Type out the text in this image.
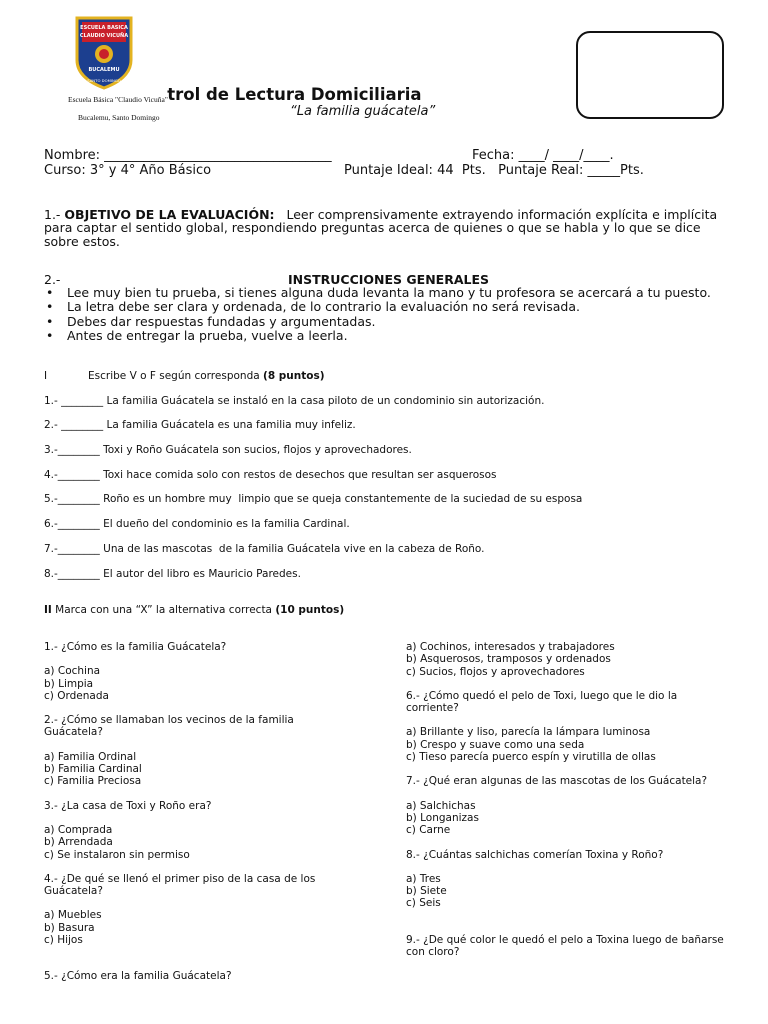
ESCUELA BASICA
CLAUDIO VICUÑA
BUCALEMU
SANTO DOMINGO
Escuela Básica "Claudio Vicuña"
Bucalemu, Santo Domingo
trol de Lectura Domiciliaria
“La familia guácatela”
Nombre: ___________________________________	Fecha: ____/ ____/____.
Curso: 3° y 4° Año Básico	Puntaje Ideal: 44  Pts.   Puntaje Real: _____Pts.
1.- OBJETIVO DE LA EVALUACIÓN: Leer comprensivamente extrayendo información explícita e implícita para captar el sentido global, respondiendo preguntas acerca de quienes o que se habla y lo que se dice sobre estos.
2.-	INSTRUCCIONES GENERALES
• Lee muy bien tu prueba, si tienes alguna duda levanta la mano y tu profesora se acercará a tu puesto.
• La letra debe ser clara y ordenada, de lo contrario la evaluación no será revisada.
• Debes dar respuestas fundadas y argumentadas.
• Antes de entregar la prueba, vuelve a leerla.
I	Escribe V o F según corresponda (8 puntos)
1.- ________ La familia Guácatela se instaló en la casa piloto de un condominio sin autorización.
2.- ________ La familia Guácatela es una familia muy infeliz.
3.-________ Toxi y Roño Guácatela son sucios, flojos y aprovechadores.
4.-________ Toxi hace comida solo con restos de desechos que resultan ser asquerosos
5.-________ Roño es un hombre muy  limpio que se queja constantemente de la suciedad de su esposa
6.-________ El dueño del condominio es la familia Cardinal.
7.-________ Una de las mascotas  de la familia Guácatela vive en la cabeza de Roño.
8.-________ El autor del libro es Mauricio Paredes.
II Marca con una “X” la alternativa correcta (10 puntos)

1.- ¿Cómo es la familia Guácatela?

a) Cochina

b) Limpia

c) Ordenada

2.- ¿Cómo se llamaban los vecinos de la familia Guácatela?

a) Familia Ordinal

b) Familia Cardinal

c) Familia Preciosa

3.- ¿La casa de Toxi y Roño era?

a) Comprada

b) Arrendada

c) Se instalaron sin permiso

4.- ¿De qué se llenó el primer piso de la casa de los Guácatela?

a) Muebles

b) Basura

c) Hijos

5.- ¿Cómo era la familia Guácatela?

a) Cochinos, interesados y trabajadores

b) Asquerosos, tramposos y ordenados

c) Sucios, flojos y aprovechadores

6.- ¿Cómo quedó el pelo de Toxi, luego que le dio la corriente?

a) Brillante y liso, parecía la lámpara luminosa

b) Crespo y suave como una seda

c) Tieso parecía puerco espín y virutilla de ollas

7.- ¿Qué eran algunas de las mascotas de los Guácatela?

a) Salchichas

b) Longanizas

c) Carne

8.- ¿Cuántas salchichas comerían Toxina y Roño?

a) Tres

b) Siete

c) Seis

9.- ¿De qué color le quedó el pelo a Toxina luego de bañarse con cloro?
